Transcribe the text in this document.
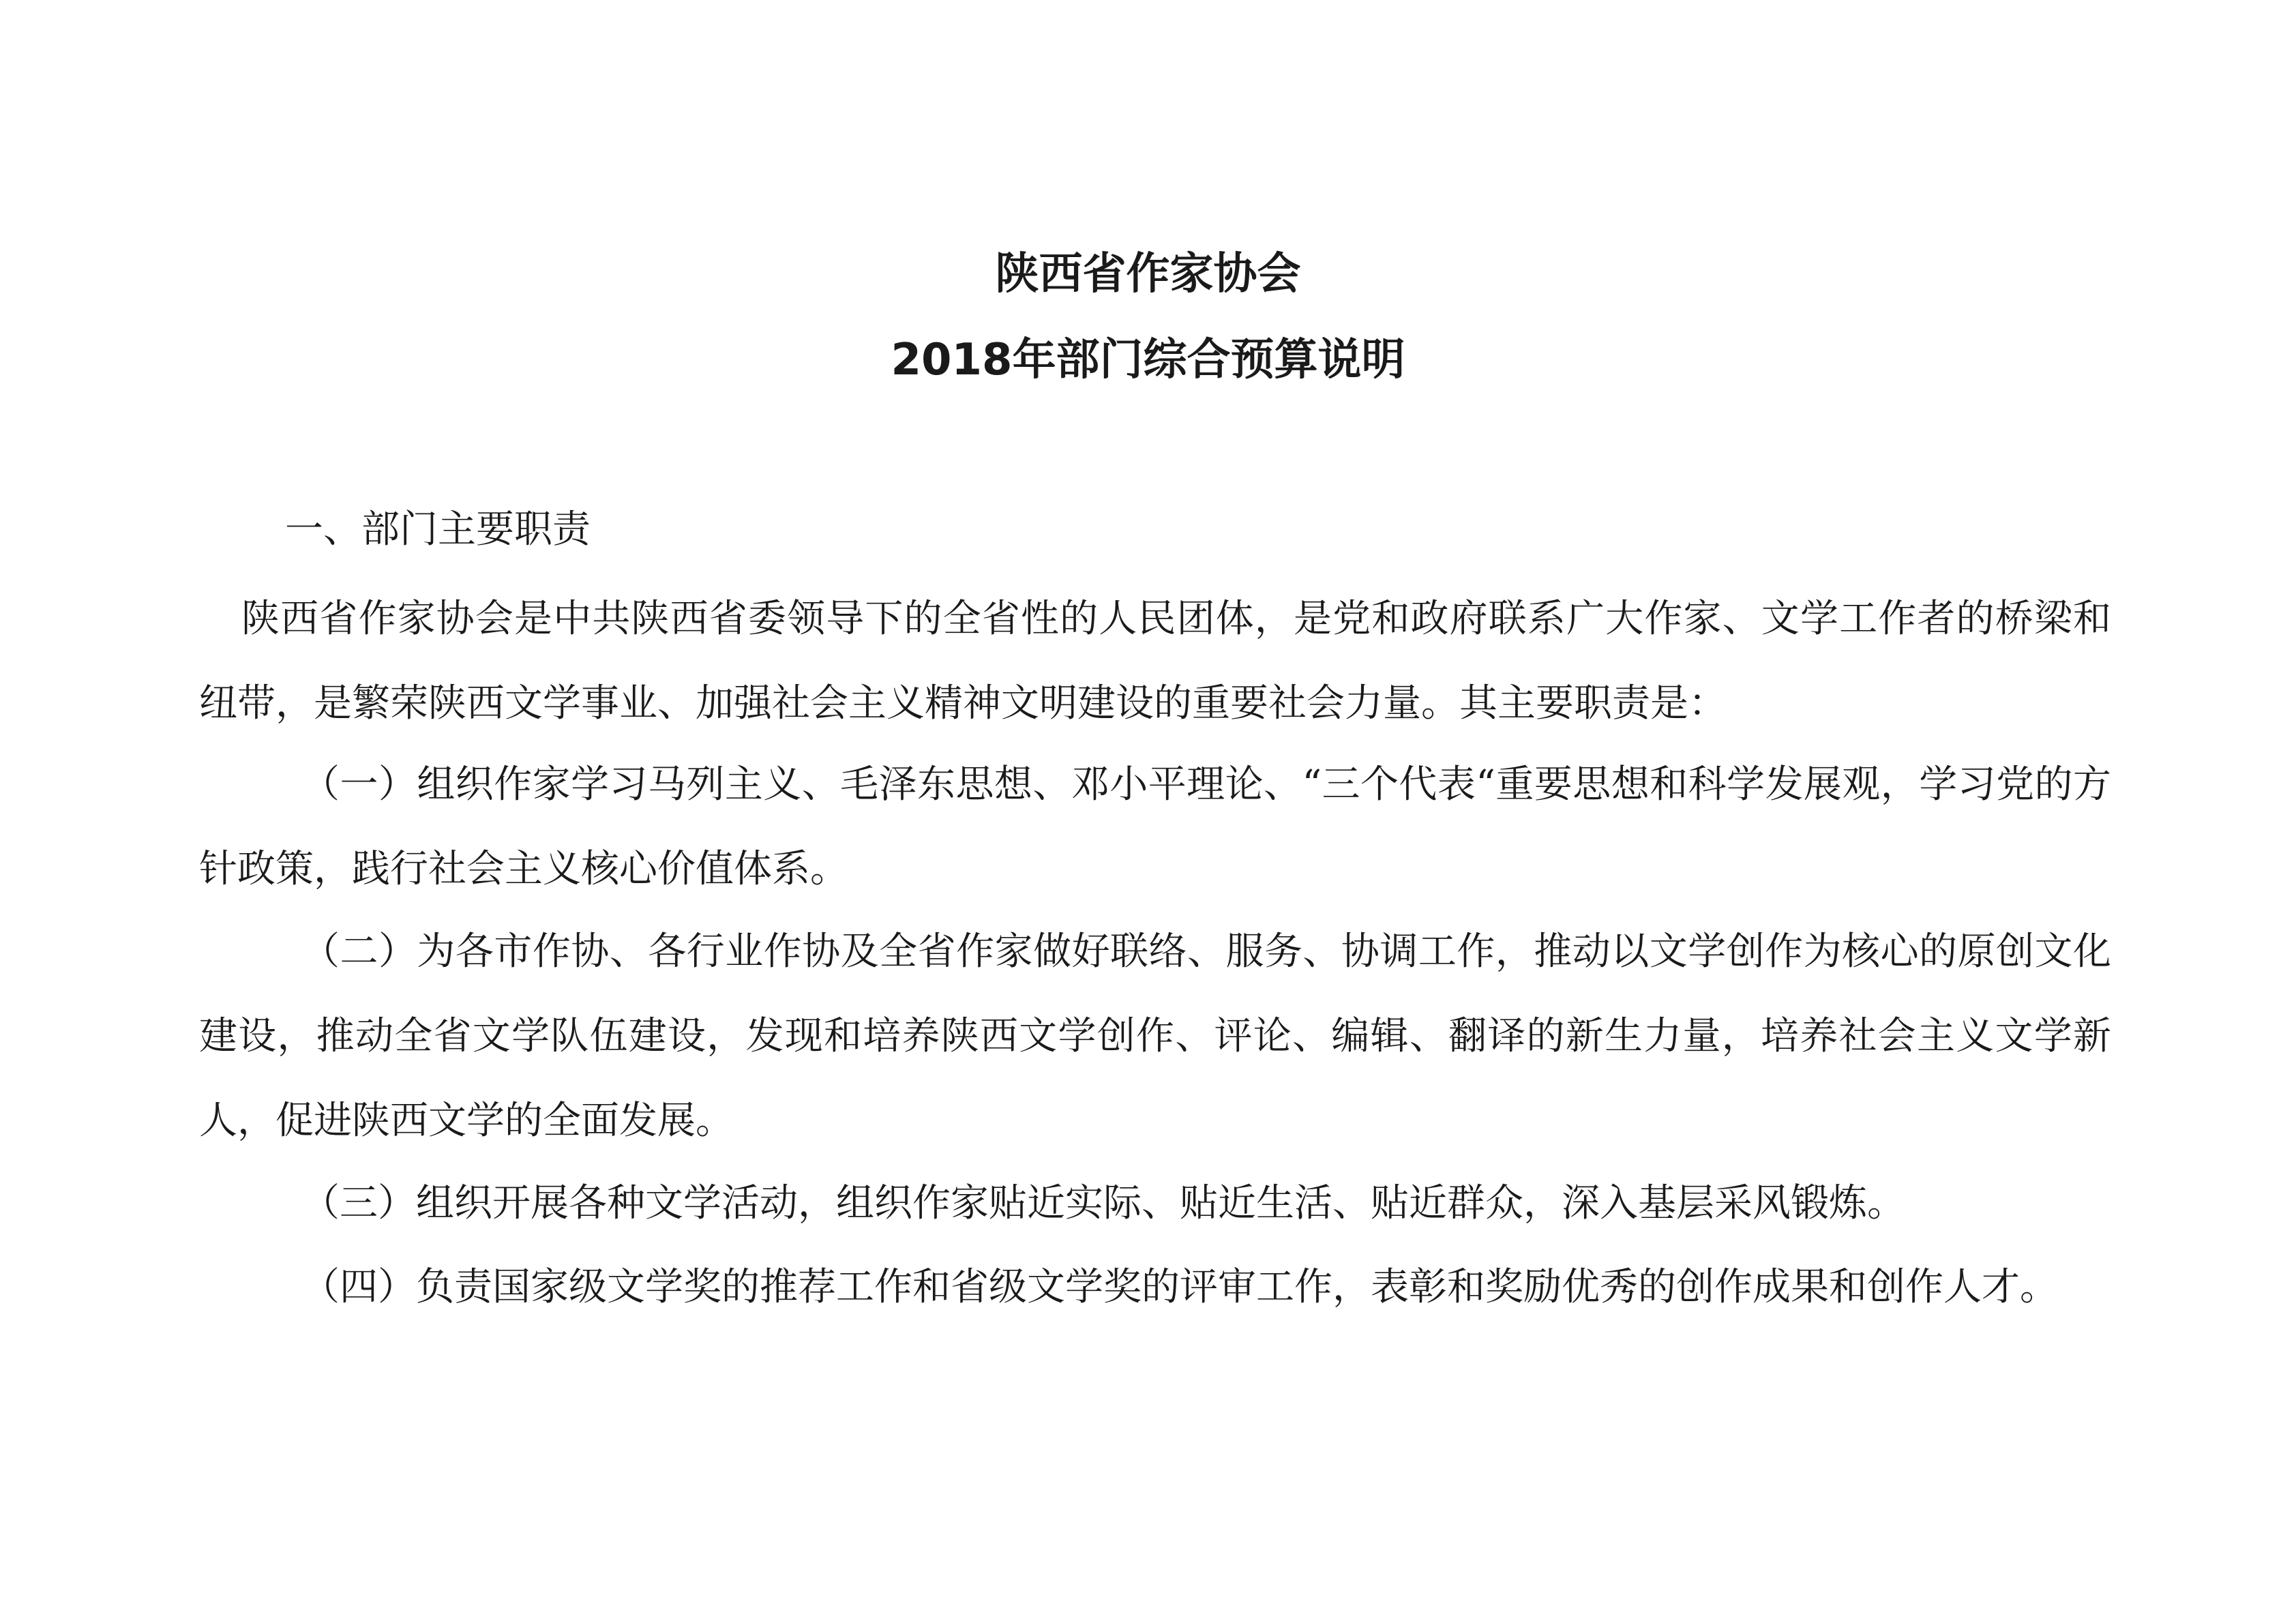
陕西省作家协会
2018年部门综合预算说明

一、部门主要职责

陕西省作家协会是中共陕西省委领导下的全省性的人民团体，是党和政府联系广大作家、文学工作者的桥梁和纽带，是繁荣陕西文学事业、加强社会主义精神文明建设的重要社会力量。其主要职责是：

（一）组织作家学习马列主义、毛泽东思想、邓小平理论、“三个代表“重要思想和科学发展观，学习党的方针政策，践行社会主义核心价值体系。

（二）为各市作协、各行业作协及全省作家做好联络、服务、协调工作，推动以文学创作为核心的原创文化建设，推动全省文学队伍建设，发现和培养陕西文学创作、评论、编辑、翻译的新生力量，培养社会主义文学新人，促进陕西文学的全面发展。

（三）组织开展各种文学活动，组织作家贴近实际、贴近生活、贴近群众，深入基层采风锻炼。

（四）负责国家级文学奖的推荐工作和省级文学奖的评审工作，表彰和奖励优秀的创作成果和创作人才。
